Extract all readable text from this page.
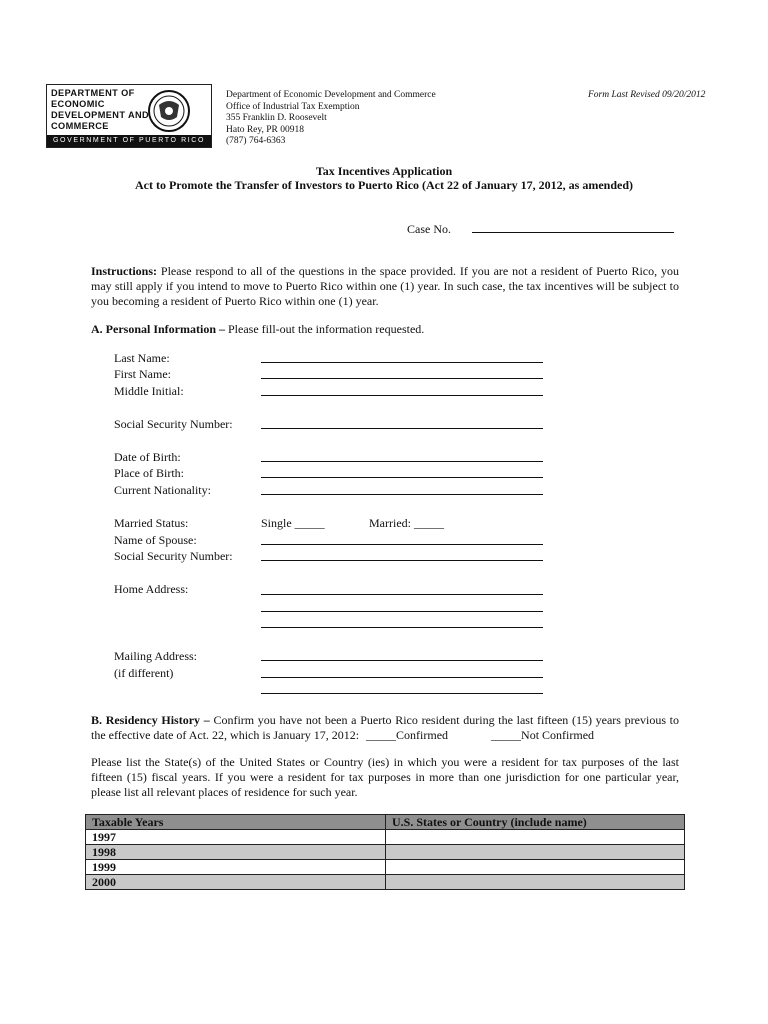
DEPARTMENT OF
ECONOMIC
DEVELOPMENT AND
COMMERCE
GOVERNMENT OF PUERTO RICO
Department of Economic Development and Commerce
Office of Industrial Tax Exemption
355 Franklin D. Roosevelt
Hato Rey, PR 00918
(787) 764-6363
Form Last Revised 09/20/2012
Tax Incentives Application
Act to Promote the Transfer of Investors to Puerto Rico (Act 22 of January 17, 2012, as amended)
Case No.
Instructions: Please respond to all of the questions in the space provided. If you are not a resident of Puerto Rico, you may still apply if you intend to move to Puerto Rico within one (1) year. In such case, the tax incentives will be subject to you becoming a resident of Puerto Rico within one (1) year.
A. Personal Information – Please fill-out the information requested.
Last Name:
First Name:
Middle Initial:
Social Security Number:
Date of Birth:
Place of Birth:
Current Nationality:
Married Status:	Single _____	Married: _____
Name of Spouse:
Social Security Number:
Home Address:
Mailing Address:
(if different)
B. Residency History – Confirm you have not been a Puerto Rico resident during the last fifteen (15) years previous to the effective date of Act. 22, which is January 17, 2012: _____Confirmed	_____Not Confirmed
Please list the State(s) of the United States or Country (ies) in which you were a resident for tax purposes of the last fifteen (15) fiscal years. If you were a resident for tax purposes in more than one jurisdiction for one particular year, please list all relevant places of residence for such year.
Taxable Years	U.S. States or Country (include name)
1997	
1998	
1999	
2000	
